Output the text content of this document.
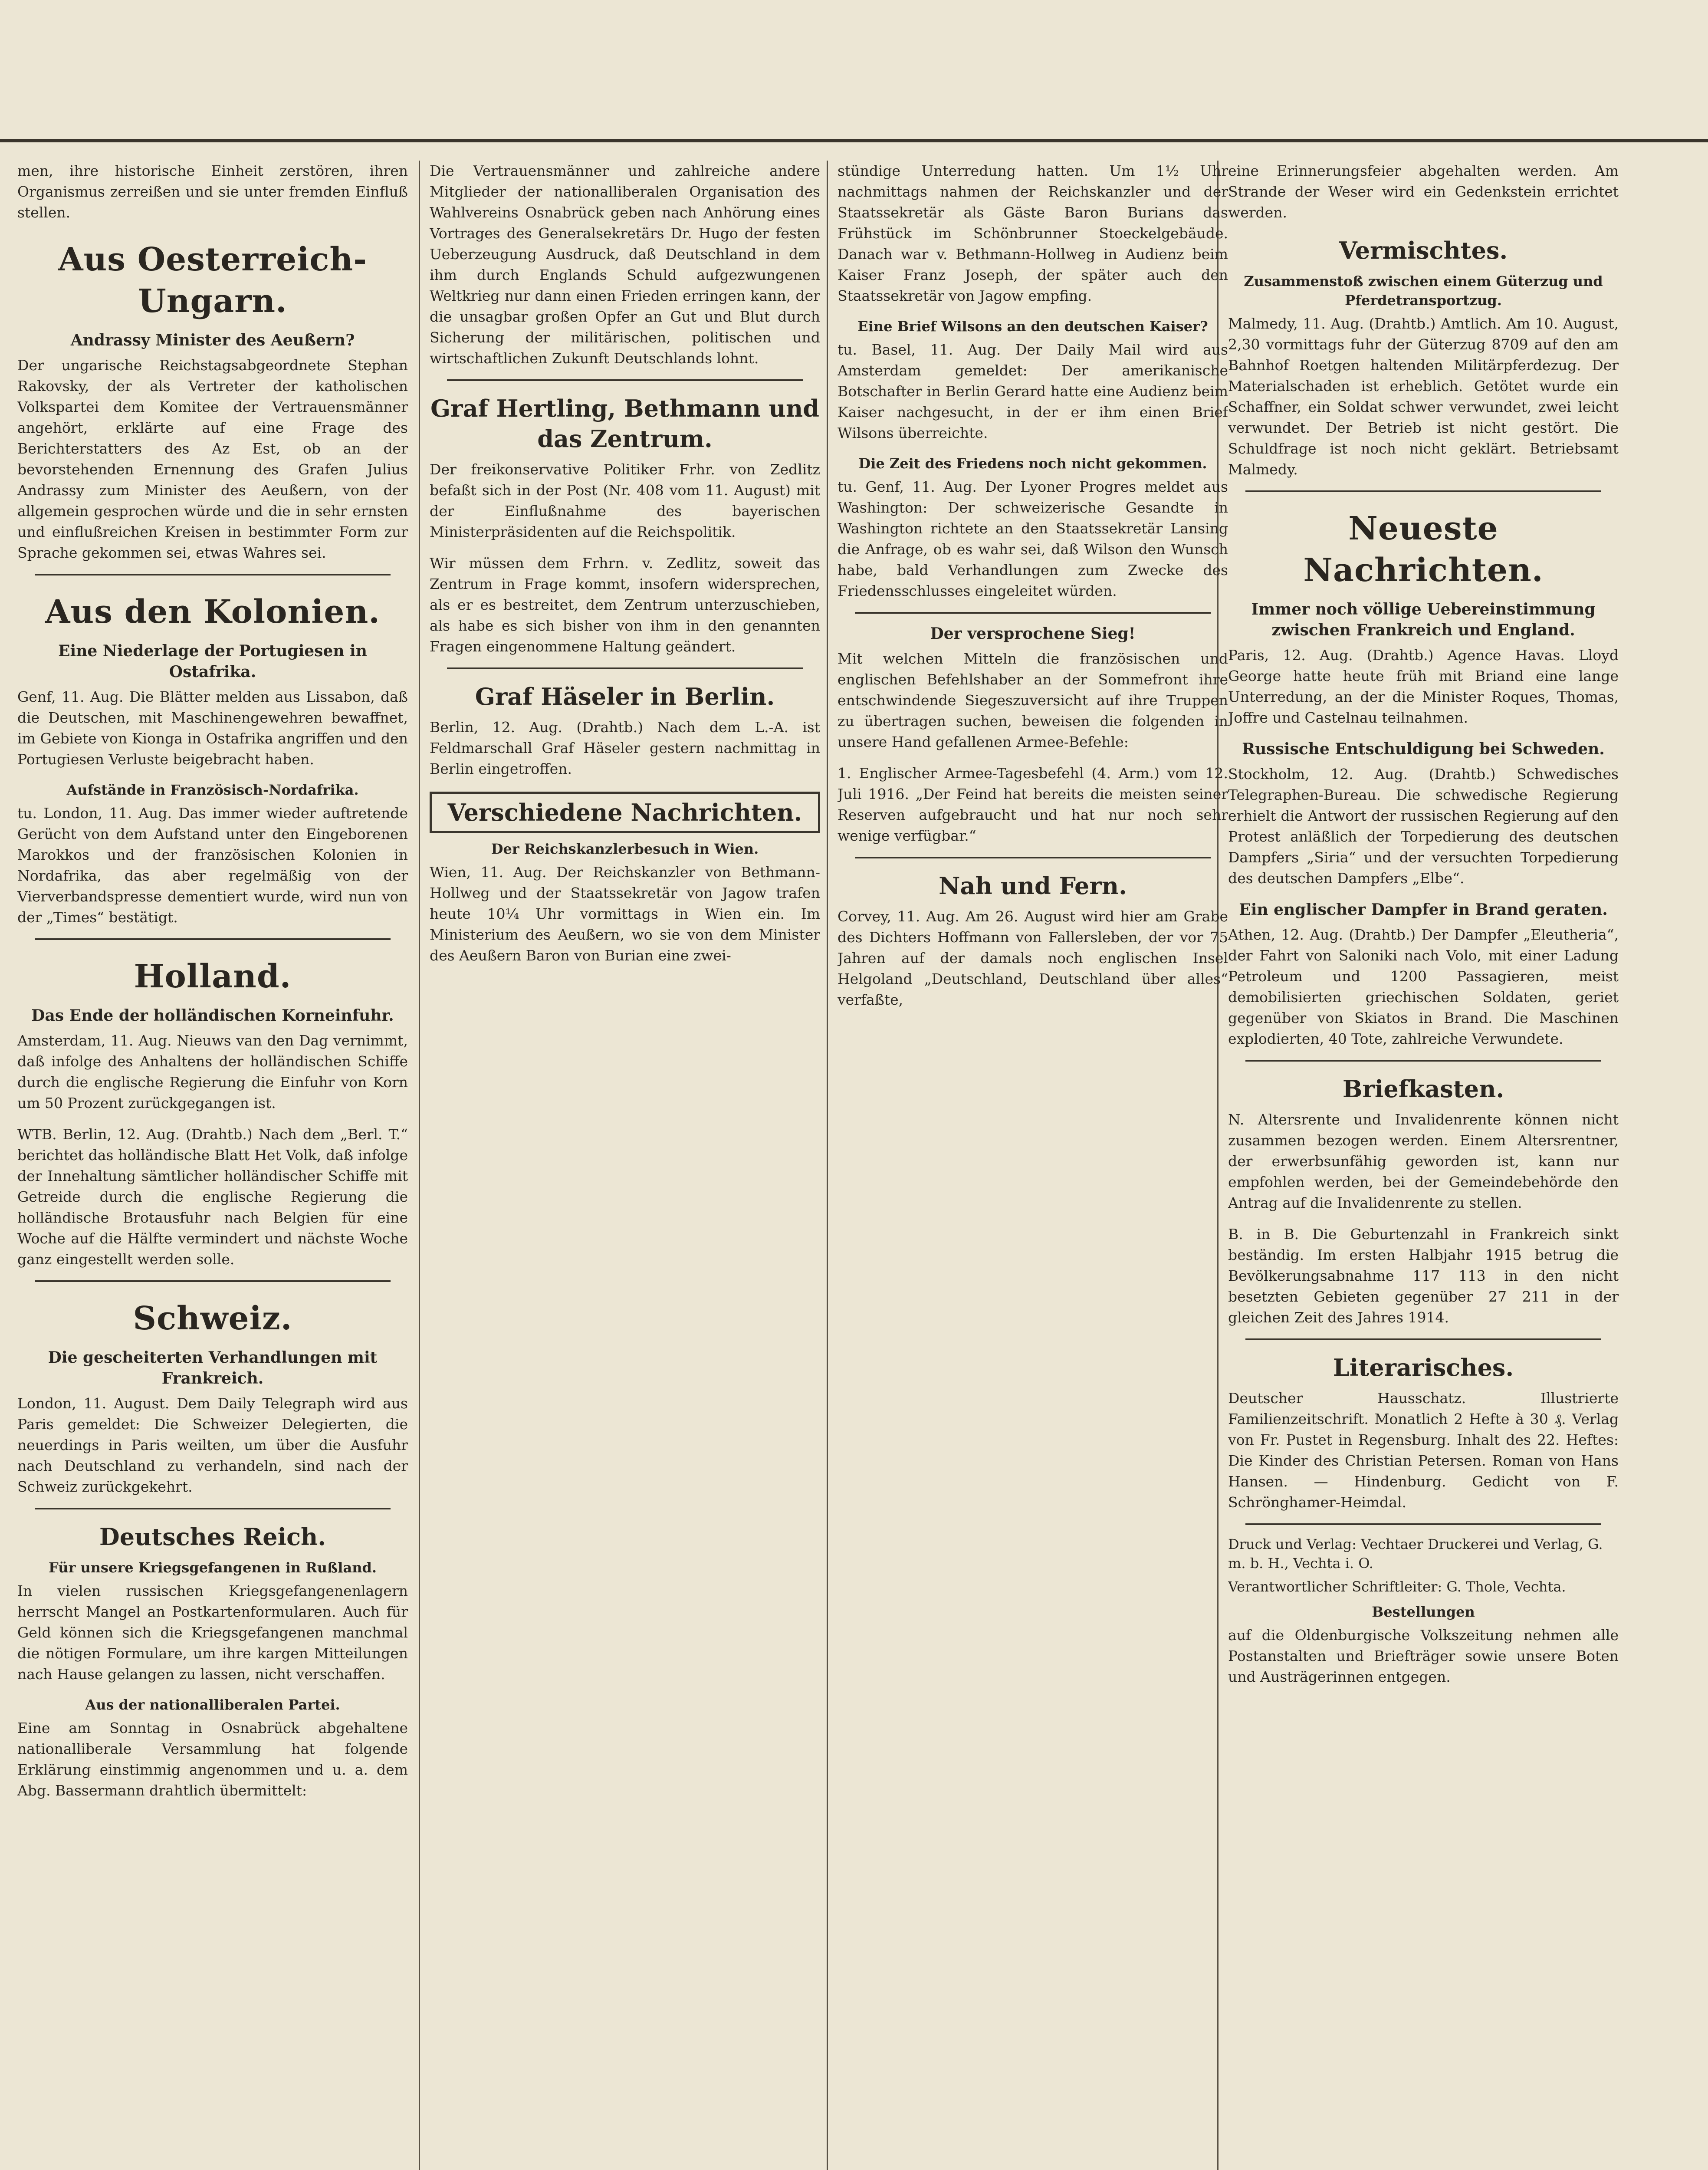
men, ihre historische Einheit zerstören, ihren Organismus zerreißen und sie unter fremden Einfluß stellen.

Aus Oesterreich-Ungarn.
Andrassy Minister des Aeußern?

Der ungarische Reichstagsabgeordnete Stephan Rakovsky, der als Vertreter der katholischen Volkspartei dem Komitee der Vertrauensmänner angehört, erklärte auf eine Frage des Berichterstatters des Az Est, ob an der bevorstehenden Ernennung des Grafen Julius Andrassy zum Minister des Aeußern, von der allgemein gesprochen würde und die in sehr ernsten und einflußreichen Kreisen in bestimmter Form zur Sprache gekommen sei, etwas Wahres sei.

Aus den Kolonien.
Eine Niederlage der Portugiesen in Ostafrika.

Genf, 11. Aug. Die Blätter melden aus Lissabon, daß die Deutschen, mit Maschinengewehren bewaffnet, im Gebiete von Kionga in Ostafrika angriffen und den Portugiesen Verluste beigebracht haben.

Aufstände in Französisch-Nordafrika.

tu. London, 11. Aug. Das immer wieder auftretende Gerücht von dem Aufstand unter den Eingeborenen Marokkos und der französischen Kolonien in Nordafrika, das aber regelmäßig von der Vierverbandspresse dementiert wurde, wird nun von der „Times“ bestätigt.

Holland.
Das Ende der holländischen Korneinfuhr.

Amsterdam, 11. Aug. Nieuws van den Dag vernimmt, daß infolge des Anhaltens der holländischen Schiffe durch die englische Regierung die Einfuhr von Korn um 50 Prozent zurückgegangen ist.

WTB. Berlin, 12. Aug. (Drahtb.) Nach dem „Berl. T.“ berichtet das holländische Blatt Het Volk, daß infolge der Innehaltung sämtlicher holländischer Schiffe mit Getreide durch die englische Regierung die holländische Brotausfuhr nach Belgien für eine Woche auf die Hälfte vermindert und nächste Woche ganz eingestellt werden solle.

Schweiz.
Die gescheiterten Verhandlungen mit Frankreich.

London, 11. August. Dem Daily Telegraph wird aus Paris gemeldet: Die Schweizer Delegierten, die neuerdings in Paris weilten, um über die Ausfuhr nach Deutschland zu verhandeln, sind nach der Schweiz zurückgekehrt.

Deutsches Reich.
Für unsere Kriegsgefangenen in Rußland.

In vielen russischen Kriegsgefangenenlagern herrscht Mangel an Postkartenformularen. Auch für Geld können sich die Kriegsgefangenen manchmal die nötigen Formulare, um ihre kargen Mitteilungen nach Hause gelangen zu lassen, nicht verschaffen.

Aus der nationalliberalen Partei.

Eine am Sonntag in Osnabrück abgehaltene nationalliberale Versammlung hat folgende Erklärung einstimmig angenommen und u. a. dem Abg. Bassermann drahtlich übermittelt:

Die Vertrauensmänner und zahlreiche andere Mitglieder der nationalliberalen Organisation des Wahlvereins Osnabrück geben nach Anhörung eines Vortrages des Generalsekretärs Dr. Hugo der festen Ueberzeugung Ausdruck, daß Deutschland in dem ihm durch Englands Schuld aufgezwungenen Weltkrieg nur dann einen Frieden erringen kann, der die unsagbar großen Opfer an Gut und Blut durch Sicherung der militärischen, politischen und wirtschaftlichen Zukunft Deutschlands lohnt.

Graf Hertling, Bethmann und das Zentrum.

Der freikonservative Politiker Frhr. von Zedlitz befaßt sich in der Post (Nr. 408 vom 11. August) mit der Einflußnahme des bayerischen Ministerpräsidenten auf die Reichspolitik.

Wir müssen dem Frhrn. v. Zedlitz, soweit das Zentrum in Frage kommt, insofern widersprechen, als er es bestreitet, dem Zentrum unterzuschieben, als habe es sich bisher von ihm in den genannten Fragen eingenommene Haltung geändert.

Graf Häseler in Berlin.

Berlin, 12. Aug. (Drahtb.) Nach dem L.-A. ist Feldmarschall Graf Häseler gestern nachmittag in Berlin eingetroffen.

Verschiedene Nachrichten.
Der Reichskanzlerbesuch in Wien.

Wien, 11. Aug. Der Reichskanzler von Bethmann-Hollweg und der Staatssekretär von Jagow trafen heute 10¼ Uhr vormittags in Wien ein. Im Ministerium des Aeußern, wo sie von dem Minister des Aeußern Baron von Burian eine zwei-

stündige Unterredung hatten. Um 1½ Uhr nachmittags nahmen der Reichskanzler und der Staatssekretär als Gäste Baron Burians das Frühstück im Schönbrunner Stoeckelgebäude. Danach war v. Bethmann-Hollweg in Audienz beim Kaiser Franz Joseph, der später auch den Staatssekretär von Jagow empfing.

Eine Brief Wilsons an den deutschen Kaiser?

tu. Basel, 11. Aug. Der Daily Mail wird aus Amsterdam gemeldet: Der amerikanische Botschafter in Berlin Gerard hatte eine Audienz beim Kaiser nachgesucht, in der er ihm einen Brief Wilsons überreichte.

Die Zeit des Friedens noch nicht gekommen.

tu. Genf, 11. Aug. Der Lyoner Progres meldet aus Washington: Der schweizerische Gesandte in Washington richtete an den Staatssekretär Lansing die Anfrage, ob es wahr sei, daß Wilson den Wunsch habe, bald Verhandlungen zum Zwecke des Friedensschlusses eingeleitet würden.

Der versprochene Sieg!

Mit welchen Mitteln die französischen und englischen Befehlshaber an der Sommefront ihre entschwindende Siegeszuversicht auf ihre Truppen zu übertragen suchen, beweisen die folgenden in unsere Hand gefallenen Armee-Befehle:

1. Englischer Armee-Tagesbefehl (4. Arm.) vom 12. Juli 1916. „Der Feind hat bereits die meisten seiner Reserven aufgebraucht und hat nur noch sehr wenige verfügbar.“

Nah und Fern.

Corvey, 11. Aug. Am 26. August wird hier am Grabe des Dichters Hoffmann von Fallersleben, der vor 75 Jahren auf der damals noch englischen Insel Helgoland „Deutschland, Deutschland über alles“ verfaßte,

eine Erinnerungsfeier abgehalten werden. Am Strande der Weser wird ein Gedenkstein errichtet werden.

Vermischtes.
Zusammenstoß zwischen einem Güterzug und Pferdetransportzug.

Malmedy, 11. Aug. (Drahtb.) Amtlich. Am 10. August, 2,30 vormittags fuhr der Güterzug 8709 auf den am Bahnhof Roetgen haltenden Militärpferdezug. Der Materialschaden ist erheblich. Getötet wurde ein Schaffner, ein Soldat schwer verwundet, zwei leicht verwundet. Der Betrieb ist nicht gestört. Die Schuldfrage ist noch nicht geklärt. Betriebsamt Malmedy.

Neueste Nachrichten.
Immer noch völlige Uebereinstimmung zwischen Frankreich und England.

Paris, 12. Aug. (Drahtb.) Agence Havas. Lloyd George hatte heute früh mit Briand eine lange Unterredung, an der die Minister Roques, Thomas, Joffre und Castelnau teilnahmen.

Russische Entschuldigung bei Schweden.

Stockholm, 12. Aug. (Drahtb.) Schwedisches Telegraphen-Bureau. Die schwedische Regierung erhielt die Antwort der russischen Regierung auf den Protest anläßlich der Torpedierung des deutschen Dampfers „Siria“ und der versuchten Torpedierung des deutschen Dampfers „Elbe“.

Ein englischer Dampfer in Brand geraten.

Athen, 12. Aug. (Drahtb.) Der Dampfer „Eleutheria“, der Fahrt von Saloniki nach Volo, mit einer Ladung Petroleum und 1200 Passagieren, meist demobilisierten griechischen Soldaten, geriet gegenüber von Skiatos in Brand. Die Maschinen explodierten, 40 Tote, zahlreiche Verwundete.

Briefkasten.

N. Altersrente und Invalidenrente können nicht zusammen bezogen werden. Einem Altersrentner, der erwerbsunfähig geworden ist, kann nur empfohlen werden, bei der Gemeindebehörde den Antrag auf die Invalidenrente zu stellen.

B. in B. Die Geburtenzahl in Frankreich sinkt beständig. Im ersten Halbjahr 1915 betrug die Bevölkerungsabnahme 117 113 in den nicht besetzten Gebieten gegenüber 27 211 in der gleichen Zeit des Jahres 1914.

Literarisches.

Deutscher Hausschatz. Illustrierte Familienzeitschrift. Monatlich 2 Hefte à 30 ₰. Verlag von Fr. Pustet in Regensburg. Inhalt des 22. Heftes: Die Kinder des Christian Petersen. Roman von Hans Hansen. — Hindenburg. Gedicht von F. Schrönghamer-Heimdal.

Druck und Verlag: Vechtaer Druckerei und Verlag, G. m. b. H., Vechta i. O.

Verantwortlicher Schriftleiter: G. Thole, Vechta.

Bestellungen

auf die Oldenburgische Volkszeitung nehmen alle Postanstalten und Briefträger sowie unsere Boten und Austrägerinnen entgegen.
